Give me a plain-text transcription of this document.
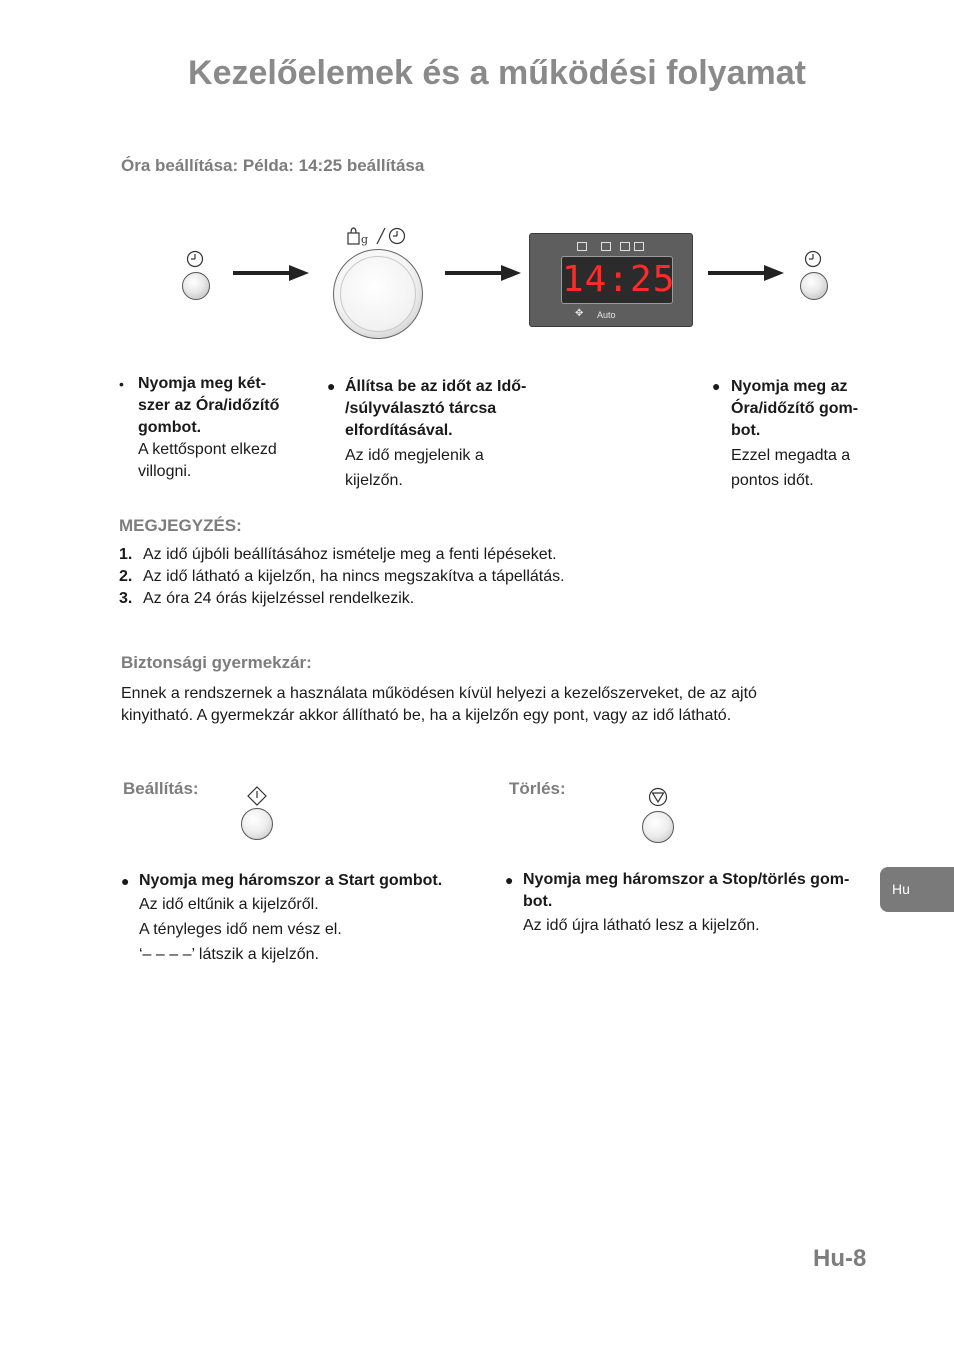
Kezelőelemek és a működési folyamat
Óra beállítása: Példa: 14:25 beállítása
g
14:25
✥ Auto
• Nyomja meg két-
szer az Óra/időzítő
gombot.
A kettőspont elkezd
villogni.
● Állítsa be az időt az Idő-
/súlyválasztó tárcsa
elfordításával.
Az idő megjelenik a
kijelzőn.
● Nyomja meg az
Óra/időzítő gom-
bot.
Ezzel megadta a
pontos időt.
MEGJEGYZÉS:
1. Az idő újbóli beállításához ismételje meg a fenti lépéseket.
2. Az idő látható a kijelzőn, ha nincs megszakítva a tápellátás.
3. Az óra 24 órás kijelzéssel rendelkezik.
Biztonsági gyermekzár:
Ennek a rendszernek a használata működésen kívül helyezi a kezelőszerveket, de az ajtó
kinyitható. A gyermekzár akkor állítható be, ha a kijelzőn egy pont, vagy az idő látható.
Beállítás:
● Nyomja meg háromszor a Start gombot.
Az idő eltűnik a kijelzőről.
A tényleges idő nem vész el.
‘– – – –’ látszik a kijelzőn.
Törlés:
● Nyomja meg háromszor a Stop/törlés gom-
bot.
Az idő újra látható lesz a kijelzőn.
Hu
Hu-8
